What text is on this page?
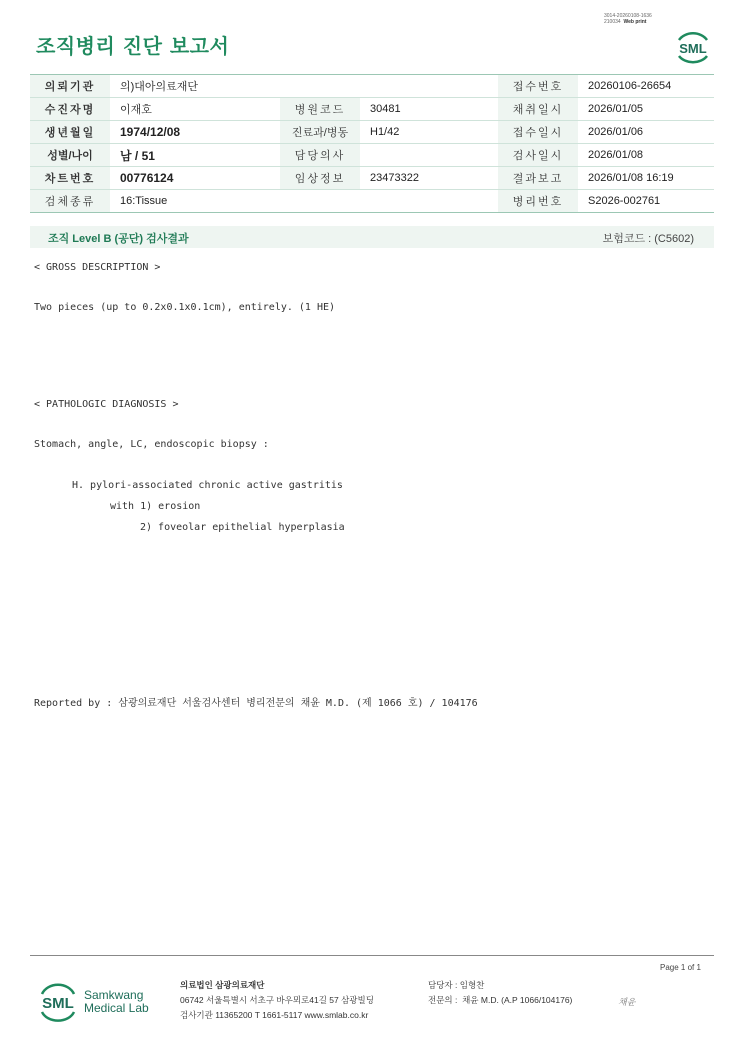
3014-20260108-1636
210034 Web print
조직병리 진단 보고서	SML
의뢰기관	의)대아의료재단			접수번호	20260106-26654
수진자명	이재호	병원코드	30481	채취일시	2026/01/05
생년월일	1974/12/08	진료과/병동	H1/42	접수일시	2026/01/06
성별/나이	남 / 51	담당의사		검사일시	2026/01/08
차트번호	00776124	임상정보	23473322	결과보고	2026/01/08 16:19
검체종류	16:Tissue			병리번호	S2026-002761
조직 Level B (공단) 검사결과	보험코드 : (C5602)
< GROSS DESCRIPTION >
Two pieces (up to 0.2x0.1x0.1cm), entirely. (1 HE)
< PATHOLOGIC DIAGNOSIS >
Stomach, angle, LC, endoscopic biopsy :
H. pylori-associated chronic active gastritis
with 1) erosion
2) foveolar epithelial hyperplasia
Reported by : 삼광의료재단 서울검사센터 병리전문의 채윤 M.D. (제 1066 호) / 104176
Page 1 of 1
SML Samkwang
Medical Lab
의료법인 삼광의료재단
06742 서울특별시 서초구 바우뫼로41길 57 삼광빌딩
검사기관 11365200 T 1661-5117 www.smlab.co.kr
담당자 : 임형찬
전문의 : 채윤 M.D. (A.P 1066/104176)	채윤
